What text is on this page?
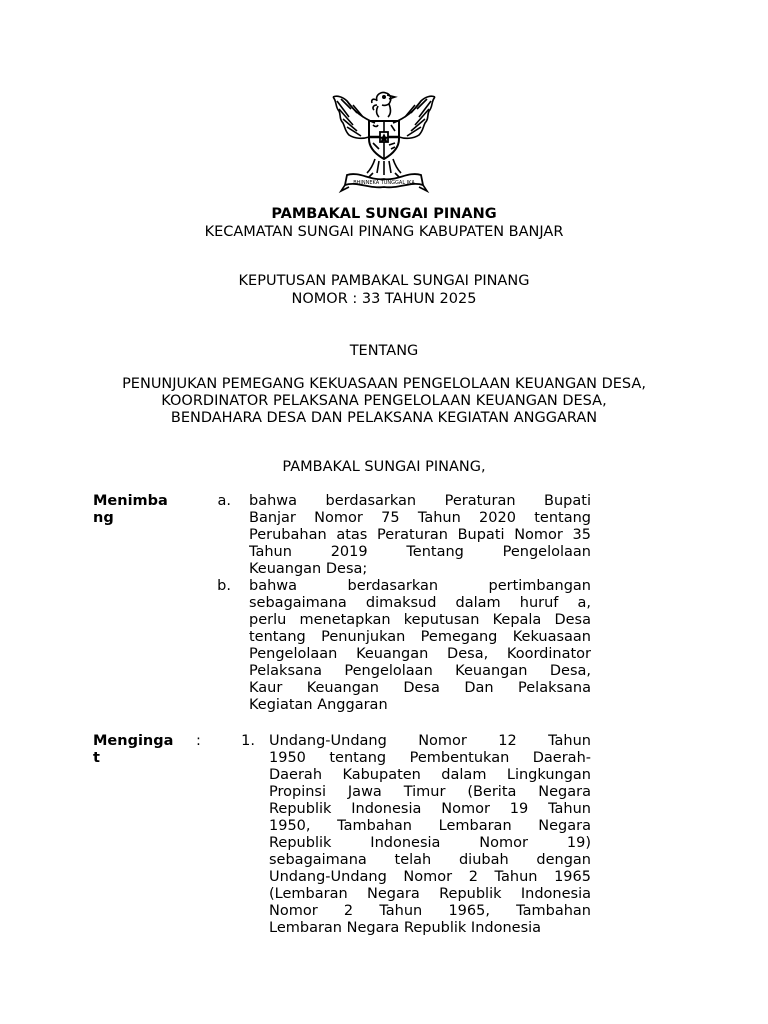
BHINNEKA TUNGGAL IKA
PAMBAKAL SUNGAI PINANG
KECAMATAN SUNGAI PINANG KABUPATEN BANJAR
KEPUTUSAN PAMBAKAL SUNGAI PINANG
NOMOR : 33 TAHUN 2025
TENTANG
PENUNJUKAN PEMEGANG KEKUASAAN PENGELOLAAN KEUANGAN DESA,
KOORDINATOR PELAKSANA PENGELOLAAN KEUANGAN DESA,
BENDAHARA DESA DAN PELAKSANA KEGIATAN ANGGARAN
PAMBAKAL SUNGAI PINANG,
Menimba
ng
a. bahwa berdasarkan Peraturan Bupati
Banjar Nomor 75 Tahun 2020 tentang
Perubahan atas Peraturan Bupati Nomor 35
Tahun 2019 Tentang Pengelolaan
Keuangan Desa;
b. bahwa berdasarkan pertimbangan
sebagaimana dimaksud dalam huruf a,
perlu menetapkan keputusan Kepala Desa
tentang Penunjukan Pemegang Kekuasaan
Pengelolaan Keuangan Desa, Koordinator
Pelaksana Pengelolaan Keuangan Desa,
Kaur Keuangan Desa Dan Pelaksana
Kegiatan Anggaran
Menginga
t
:	1. Undang-Undang Nomor 12 Tahun
1950 tentang Pembentukan Daerah-
Daerah Kabupaten dalam Lingkungan
Propinsi Jawa Timur (Berita Negara
Republik Indonesia Nomor 19 Tahun
1950, Tambahan Lembaran Negara
Republik Indonesia Nomor 19)
sebagaimana telah diubah dengan
Undang-Undang Nomor 2 Tahun 1965
(Lembaran Negara Republik Indonesia
Nomor 2 Tahun 1965, Tambahan
Lembaran Negara Republik Indonesia
